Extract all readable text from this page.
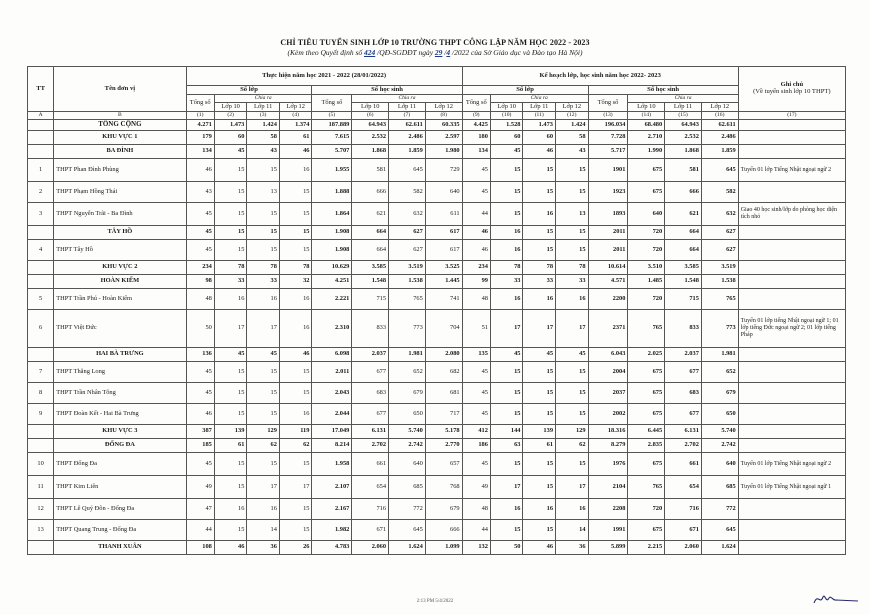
CHỈ TIÊU TUYỂN SINH LỚP 10 TRƯỜNG THPT CÔNG LẬP NĂM HỌC 2022 - 2023
(Kèm theo Quyết định số 424 /QĐ-SGDĐT ngày 29 /4 /2022 của Sở Giáo dục và Đào tạo Hà Nội)
TT	Tên đơn vị	Thực hiện năm học 2021 - 2022 (28/01/2022)								Kế hoạch lớp, học sinh năm học 2022- 2023								Ghi chú
(Về tuyển sinh lớp 10 THPT)
		Số lớp				Số học sinh				Số lớp				Số học sinh				
		Tổng số	Chia ra			Tổng số	Chia ra			Tổng số	Chia ra			Tổng số	Chia ra			
			Lớp 10	Lớp 11	Lớp 12		Lớp 10	Lớp 11	Lớp 12		Lớp 10	Lớp 11	Lớp 12		Lớp 10	Lớp 11	Lớp 12	
A	B	(1)	(2)	(3)	(4)	(5)	(6)	(7)	(8)	(9)	(10)	(11)	(12)	(13)	(14)	(15)	(16)	(17)
	TỔNG CỘNG	4.271	1.473	1.424	1.374	187.889	64.943	62.611	60.335	4.425	1.528	1.473	1.424	196.034	68.480	64.943	62.611	
	KHU VỰC 1	179	60	58	61	7.615	2.532	2.486	2.597	180	60	60	58	7.728	2.710	2.532	2.486	
	BA ĐÌNH	134	45	43	46	5.707	1.868	1.859	1.980	134	45	46	43	5.717	1.990	1.868	1.859	
1	THPT Phan Đình Phùng	46	15	15	16	1.955	581	645	729	45	15	15	15	1901	675	581	645	Tuyển 01 lớp Tiếng Nhật ngoại ngữ 2
2	THPT Phạm Hồng Thái	43	15	13	15	1.888	666	582	640	45	15	15	15	1923	675	666	582	
3	THPT Nguyễn Trãi - Ba Đình	45	15	15	15	1.864	621	632	611	44	15	16	13	1893	640	621	632	Giao 40 học sinh/lớp do phòng học diện tích nhỏ
	TÂY HỒ	45	15	15	15	1.908	664	627	617	46	16	15	15	2011	720	664	627	
4	THPT Tây Hồ	45	15	15	15	1.908	664	627	617	46	16	15	15	2011	720	664	627	
	KHU VỰC 2	234	78	78	78	10.629	3.585	3.519	3.525	234	78	78	78	10.614	3.510	3.585	3.519	
	HOÀN KIẾM	98	33	33	32	4.251	1.548	1.538	1.445	99	33	33	33	4.571	1.485	1.548	1.538	
5	THPT Trần Phú - Hoàn Kiếm	48	16	16	16	2.221	715	765	741	48	16	16	16	2200	720	715	765	
6	THPT Việt Đức	50	17	17	16	2.310	833	773	704	51	17	17	17	2371	765	833	773	Tuyển 01 lớp tiếng Nhật ngoại ngữ 1; 01 lớp tiếng Đức ngoại ngữ 2; 01 lớp tiếng Pháp
	HAI BÀ TRƯNG	136	45	45	46	6.098	2.037	1.981	2.080	135	45	45	45	6.043	2.025	2.037	1.981	
7	THPT Thăng Long	45	15	15	15	2.011	677	652	682	45	15	15	15	2004	675	677	652	
8	THPT Trần Nhân Tông	45	15	15	15	2.043	683	679	681	45	15	15	15	2037	675	683	679	
9	THPT Đoàn Kết - Hai Bà Trưng	46	15	15	16	2.044	677	650	717	45	15	15	15	2002	675	677	650	
	KHU VỰC 3	387	139	129	119	17.049	6.131	5.740	5.178	412	144	139	129	18.316	6.445	6.131	5.740	
	ĐỐNG ĐA	185	61	62	62	8.214	2.702	2.742	2.770	186	63	61	62	8.279	2.835	2.702	2.742	
10	THPT Đống Đa	45	15	15	15	1.958	661	640	657	45	15	15	15	1976	675	661	640	Tuyển 01 lớp Tiếng Nhật ngoại ngữ 2
11	THPT Kim Liên	49	15	17	17	2.107	654	685	768	49	17	15	17	2104	765	654	685	Tuyển 01 lớp Tiếng Nhật ngoại ngữ 1
12	THPT Lê Quý Đôn - Đống Đa	47	16	16	15	2.167	716	772	679	48	16	16	16	2208	720	716	772	
13	THPT Quang Trung - Đống Đa	44	15	14	15	1.982	671	645	666	44	15	15	14	1991	675	671	645	
	THANH XUÂN	108	46	36	26	4.783	2.060	1.624	1.099	132	50	46	36	5.899	2.215	2.060	1.624	
2:13 PM 5/4/2022
